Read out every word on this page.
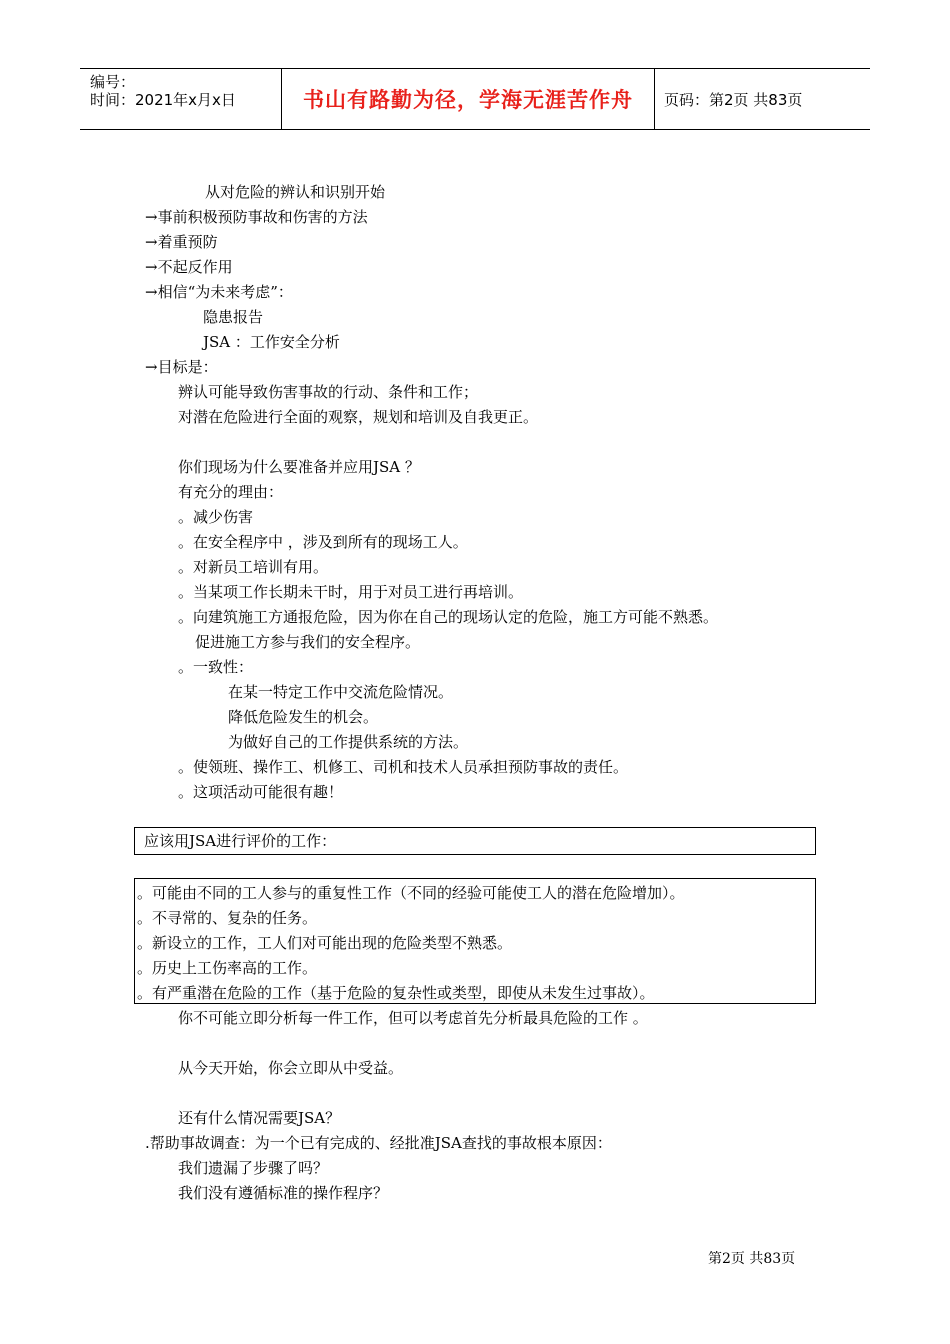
编号：
时间：2021年x月x日	书山有路勤为径，学海无涯苦作舟 页码：第2页 共83页
从对危险的辨认和识别开始
→事前积极预防事故和伤害的方法
→着重预防
→不起反作用
→相信“为未来考虑”：
隐患报告
JSA ：工作安全分析
→目标是：
辨认可能导致伤害事故的行动、条件和工作；
对潜在危险进行全面的观察，规划和培训及自我更正。
你们现场为什么要准备并应用JSA ？
有充分的理由：
。减少伤害
。在安全程序中 ，涉及到所有的现场工人。
。对新员工培训有用。
。当某项工作长期未干时，用于对员工进行再培训。
。向建筑施工方通报危险，因为你在自己的现场认定的危险，施工方可能不熟悉。
促进施工方参与我们的安全程序。
。一致性：
在某一特定工作中交流危险情况。
降低危险发生的机会。
为做好自己的工作提供系统的方法。
。使领班、操作工、机修工、司机和技术人员承担预防事故的责任。
。这项活动可能很有趣！
应该用JSA进行评价的工作：
。可能由不同的工人参与的重复性工作（不同的经验可能使工人的潜在危险增加）。
。不寻常的、复杂的任务。
。新设立的工作，工人们对可能出现的危险类型不熟悉。
。历史上工伤率高的工作。
。有严重潜在危险的工作（基于危险的复杂性或类型，即使从未发生过事故）。
你不可能立即分析每一件工作，但可以考虑首先分析最具危险的工作 。
从今天开始，你会立即从中受益。
还有什么情况需要JSA？
.帮助事故调查：为一个已有完成的、经批准JSA查找的事故根本原因：
我们遗漏了步骤了吗？
我们没有遵循标准的操作程序？
第2页 共83页
